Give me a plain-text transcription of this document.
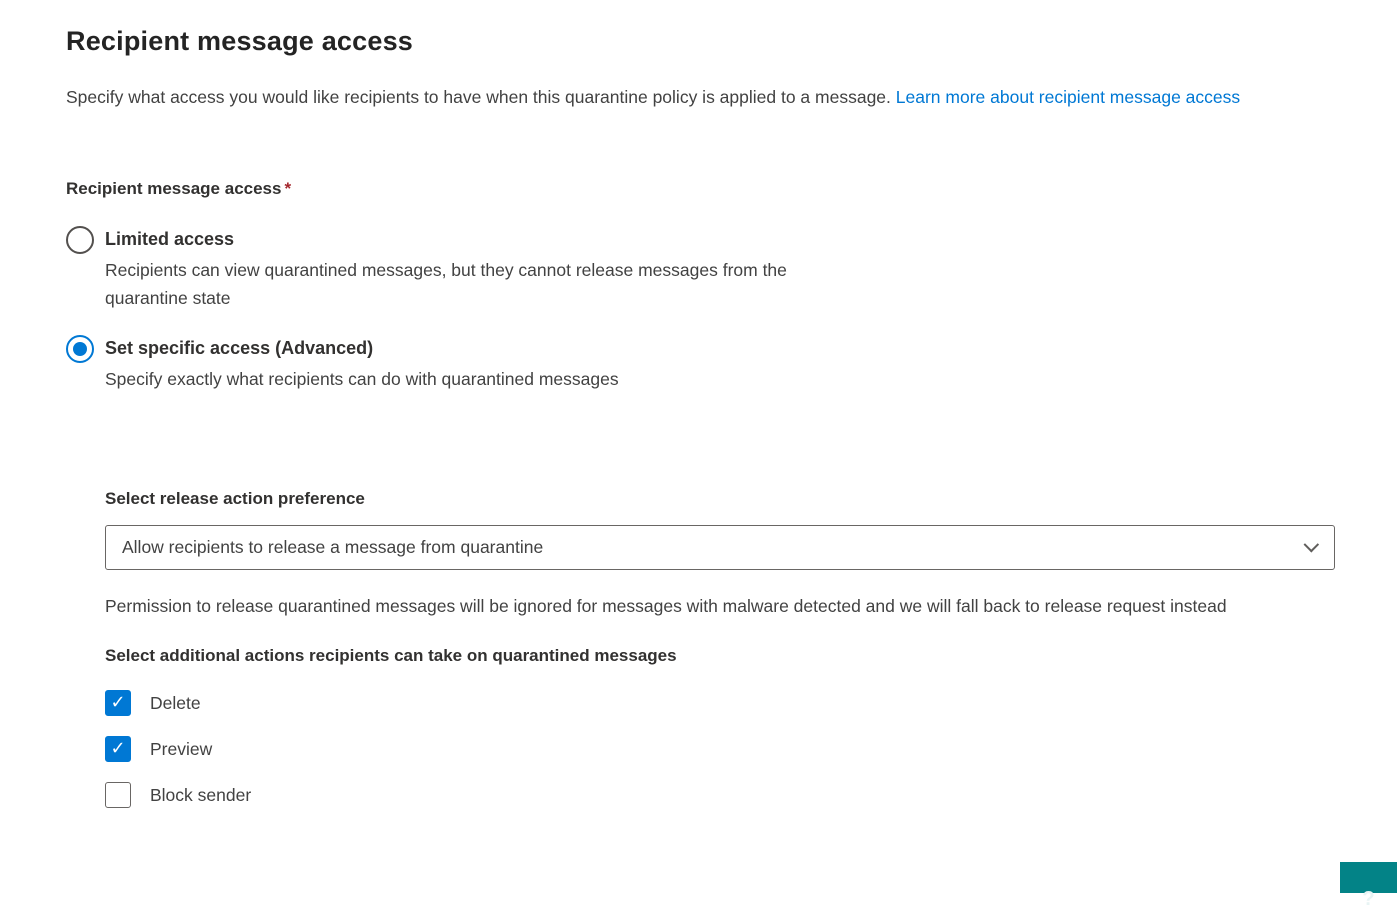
Recipient message access

Specify what access you would like recipients to have when this quarantine policy is applied to a message. Learn more about recipient message access

Recipient message access *
Limited access
Recipients can view quarantined messages, but they cannot release messages from the quarantine state
Set specific access (Advanced)
Specify exactly what recipients can do with quarantined messages
Select release action preference
Allow recipients to release a message from quarantine

Permission to release quarantined messages will be ignored for messages with malware detected and we will fall back to release request instead

Select additional actions recipients can take on quarantined messages
✓ Delete
✓ Preview
Block sender
?
